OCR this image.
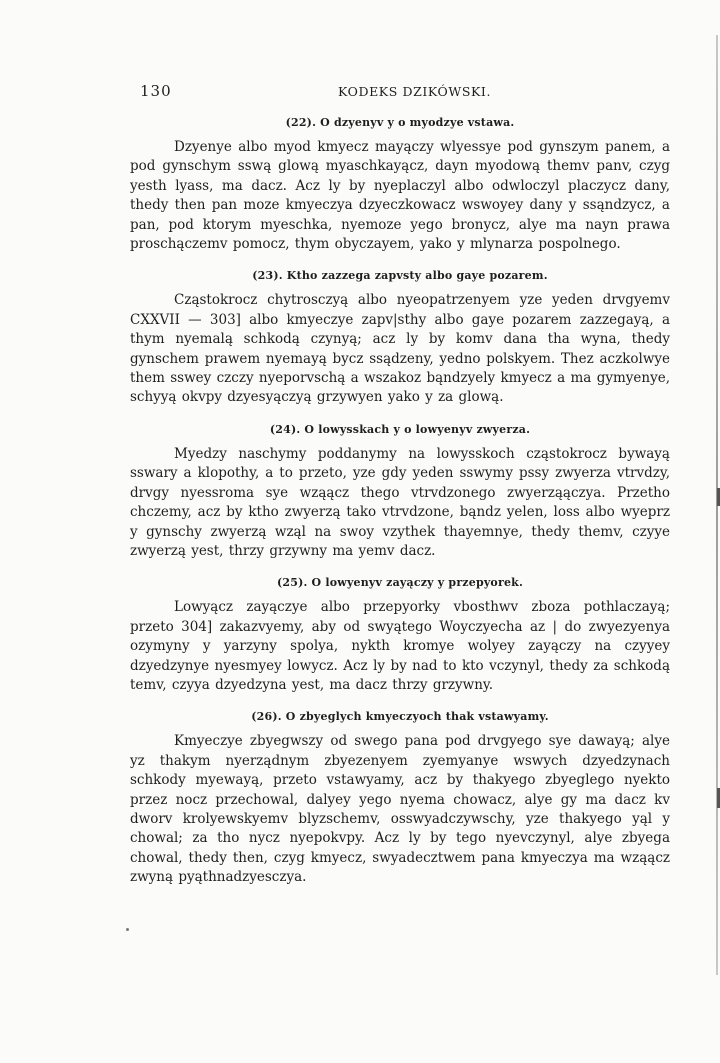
130	KODEKS DZIKÓWSKI.

(22). O dzyenyv y o myodzye vstawa.

Dzyenye albo myod kmyecz mayączy wlyessye pod gynszym panem, a pod gynschym sswą glową myaschkayącz, dayn myodową themv panv, czyg yesth lyass, ma dacz. Acz ly by nyeplaczyl albo odwloczyl placzycz dany, thedy then pan moze kmyeczya dzyeczkowacz wswoyey dany y ssąndzycz, a pan, pod ktorym myeschka, nyemoze yego bronycz, alye ma nayn prawa proschączemv pomocz, thym obyczayem, yako y mlynarza pospolnego.

(23). Ktho zazzega zapvsty albo gaye pozarem.

Cząstokrocz chytrosczyą albo nyeopatrzenyem yze yeden drvgyemv CXXVII — 303] albo kmyeczye zapv|sthy albo gaye pozarem zazzegayą, a thym nyemalą schkodą czynyą; acz ly by komv dana tha wyna, thedy gynschem prawem nyemayą bycz ssądzeny, yedno polskyem. Thez aczkolwye them sswey czczy nyeporvschą a wszakoz bąndzyely kmyecz a ma gymyenye, schyyą okvpy dzyesyączyą grzywyen yako y za glową.

(24). O lowysskach y o lowyenyv zwyerza.

Myedzy naschymy poddanymy na lowysskoch cząstokrocz bywayą sswary a klopothy, a to przeto, yze gdy yeden sswymy pssy zwyerza vtrvdzy, drvgy nyessroma sye wząącz thego vtrvdzonego zwyerząączya. Przetho chczemy, acz by ktho zwyerzą tako vtrvdzone, bąndz yelen, loss albo wyeprz y gynschy zwyerzą wząl na swoy vzythek thayemnye, thedy themv, czyye zwyerzą yest, thrzy grzywny ma yemv dacz.

(25). O lowyenyv zayączy y przepyorek.

Lowyącz zayączye albo przepyorky vbosthwv zboza pothlaczayą; przeto 304] zakazvyemy, aby od swyątego Woyczyecha az | do zwyezyenya ozymyny y yarzyny spolya, nykth kromye wolyey zayączy na czyyey dzyedzynye nyesmyey lowycz. Acz ly by nad to kto vczynyl, thedy za schkodą temv, czyya dzyedzyna yest, ma dacz thrzy grzywny.

(26). O zbyeglych kmyeczyoch thak vstawyamy.

Kmyeczye zbyegwszy od swego pana pod drvgyego sye dawayą; alye yz thakym nyerządnym zbyezenyem zyemyanye wswych dzyedzynach schkody myewayą, przeto vstawyamy, acz by thakyego zbyeglego nyekto przez nocz przechowal, dalyey yego nyema chowacz, alye gy ma dacz kv dworv krolyewskyemv blyzschemv, osswyadczywschy, yze thakyego yąl y chowal; za tho nycz nyepokvpy. Acz ly by tego nyevczynyl, alye zbyega chowal, thedy then, czyg kmyecz, swyadecztwem pana kmyeczya ma wząącz zwyną pyąthnadzyesczya.
